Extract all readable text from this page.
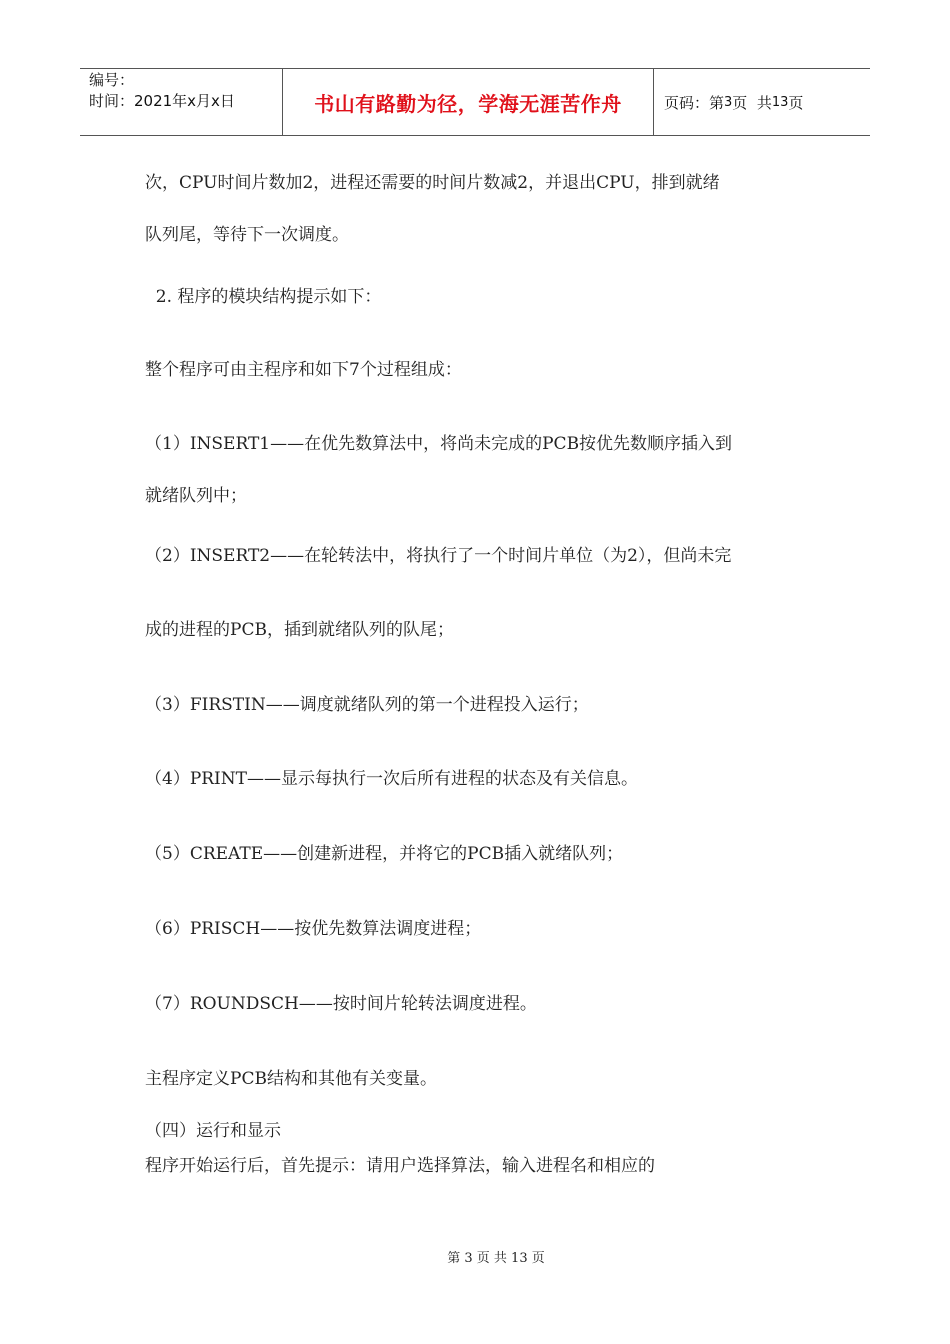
编号：
时间：2021年x月x日	书山有路勤为径，学海无涯苦作舟	页码：第 3 页  共 13 页
次，CPU时间片数加2，进程还需要的时间片数减2，并退出CPU，排到就绪
队列尾，等待下一次调度。
2. 程序的模块结构提示如下：
整个程序可由主程序和如下7个过程组成：
（1）INSERT1——在优先数算法中，将尚未完成的PCB按优先数顺序插入到
就绪队列中；
（2）INSERT2——在轮转法中，将执行了一个时间片单位（为2），但尚未完
成的进程的PCB，插到就绪队列的队尾；
（3）FIRSTIN——调度就绪队列的第一个进程投入运行；
（4）PRINT——显示每执行一次后所有进程的状态及有关信息。
（5）CREATE——创建新进程，并将它的PCB插入就绪队列；
（6）PRISCH——按优先数算法调度进程；
（7）ROUNDSCH——按时间片轮转法调度进程。
主程序定义PCB结构和其他有关变量。
（四）运行和显示
程序开始运行后，首先提示：请用户选择算法，输入进程名和相应的
第 3 页 共 13 页
